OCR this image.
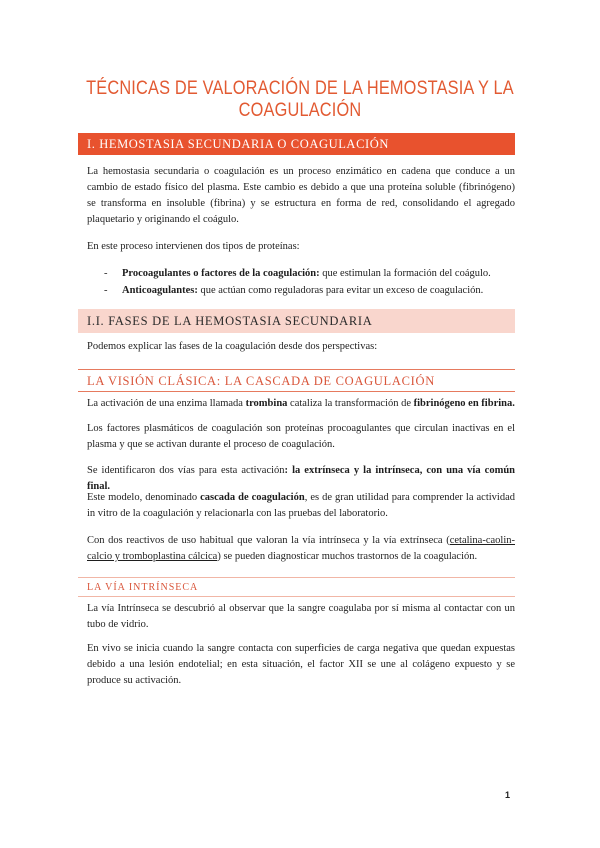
TÉCNICAS DE VALORACIÓN DE LA HEMOSTASIA Y LA COAGULACIÓN
I. HEMOSTASIA SECUNDARIA O COAGULACIÓN

La hemostasia secundaria o coagulación es un proceso enzimático en cadena que conduce a un cambio de estado físico del plasma. Este cambio es debido a que una proteína soluble (fibrinógeno) se transforma en insoluble (fibrina) y se estructura en forma de red, consolidando el agregado plaquetario y originando el coágulo.

En este proceso intervienen dos tipos de proteínas:

- Procoagulantes o factores de la coagulación: que estimulan la formación del coágulo.
- Anticoagulantes: que actúan como reguladoras para evitar un exceso de coagulación.
I.I. FASES DE LA HEMOSTASIA SECUNDARIA

Podemos explicar las fases de la coagulación desde dos perspectivas:

LA VISIÓN CLÁSICA: LA CASCADA DE COAGULACIÓN

La activación de una enzima llamada trombina cataliza la transformación de fibrinógeno en fibrina.

Los factores plasmáticos de coagulación son proteínas procoagulantes que circulan inactivas en el plasma y que se activan durante el proceso de coagulación.

Se identificaron dos vías para esta activación: la extrínseca y la intrínseca, con una vía común final.

Este modelo, denominado cascada de coagulación, es de gran utilidad para comprender la actividad in vitro de la coagulación y relacionarla con las pruebas del laboratorio.

Con dos reactivos de uso habitual que valoran la vía intrínseca y la vía extrínseca (cetalina-caolin-calcio y tromboplastina cálcica) se pueden diagnosticar muchos trastornos de la coagulación.

LA VÍA INTRÍNSECA

La vía Intrínseca se descubrió al observar que la sangre coagulaba por sí misma al contactar con un tubo de vidrio.

En vivo se inicia cuando la sangre contacta con superficies de carga negativa que quedan expuestas debido a una lesión endotelial; en esta situación, el factor XII se une al colágeno expuesto y se produce su activación.

1
